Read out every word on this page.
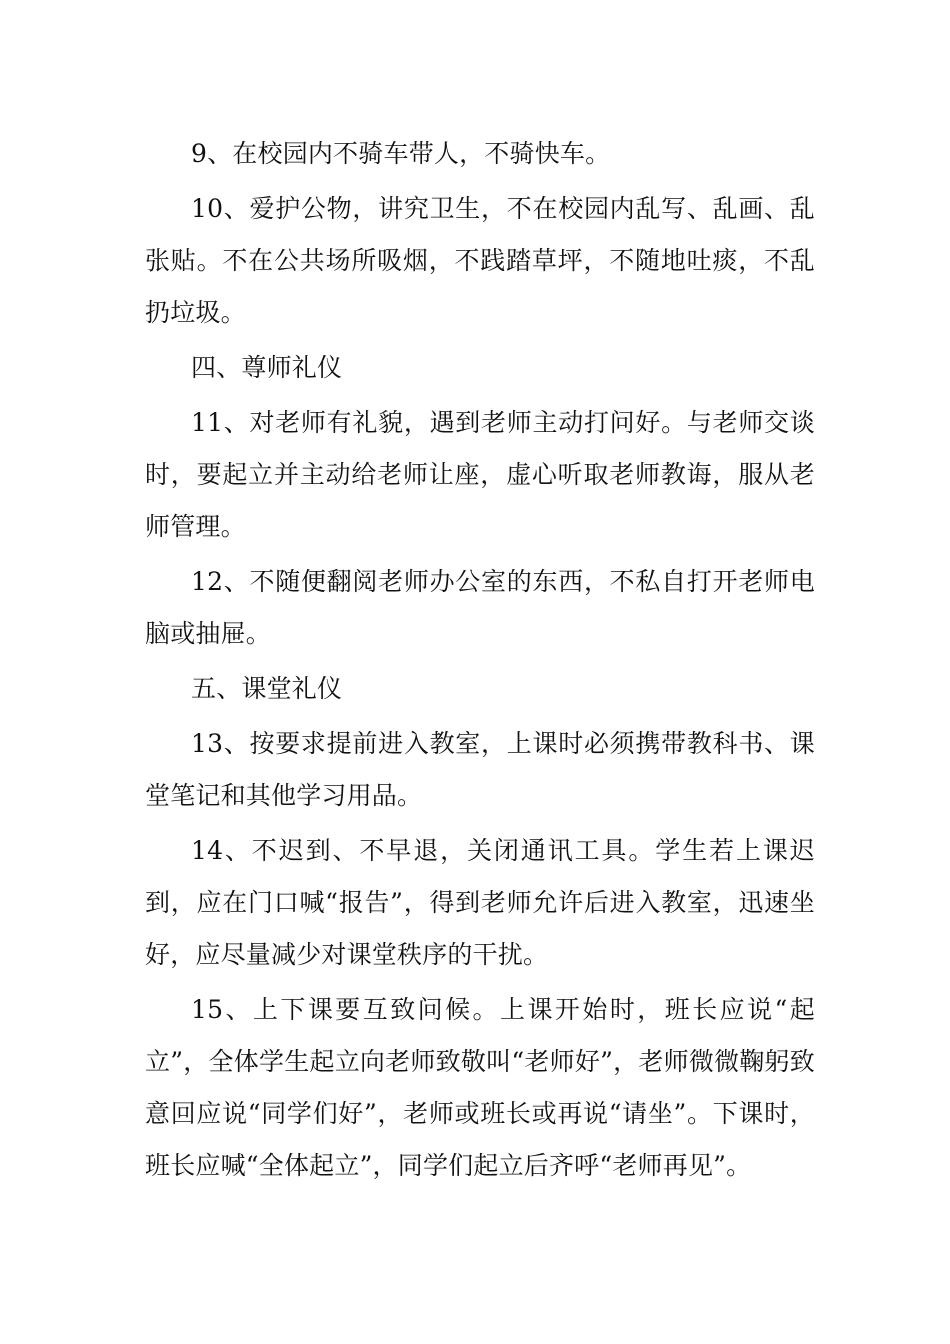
9、在校园内不骑车带人，不骑快车。

10、爱护公物，讲究卫生，不在校园内乱写、乱画、乱张贴。不在公共场所吸烟，不践踏草坪，不随地吐痰，不乱扔垃圾。

四、尊师礼仪

11、对老师有礼貌，遇到老师主动打问好。与老师交谈时，要起立并主动给老师让座，虚心听取老师教诲，服从老师管理。

12、不随便翻阅老师办公室的东西，不私自打开老师电脑或抽屉。

五、课堂礼仪

13、按要求提前进入教室，上课时必须携带教科书、课堂笔记和其他学习用品。

14、不迟到、不早退，关闭通讯工具。学生若上课迟到，应在门口喊“报告”，得到老师允许后进入教室，迅速坐好，应尽量减少对课堂秩序的干扰。

15、上下课要互致问候。上课开始时，班长应说“起立”，全体学生起立向老师致敬叫“老师好”，老师微微鞠躬致意回应说“同学们好”，老师或班长或再说“请坐”。下课时，班长应喊“全体起立”，同学们起立后齐呼“老师再见”。
